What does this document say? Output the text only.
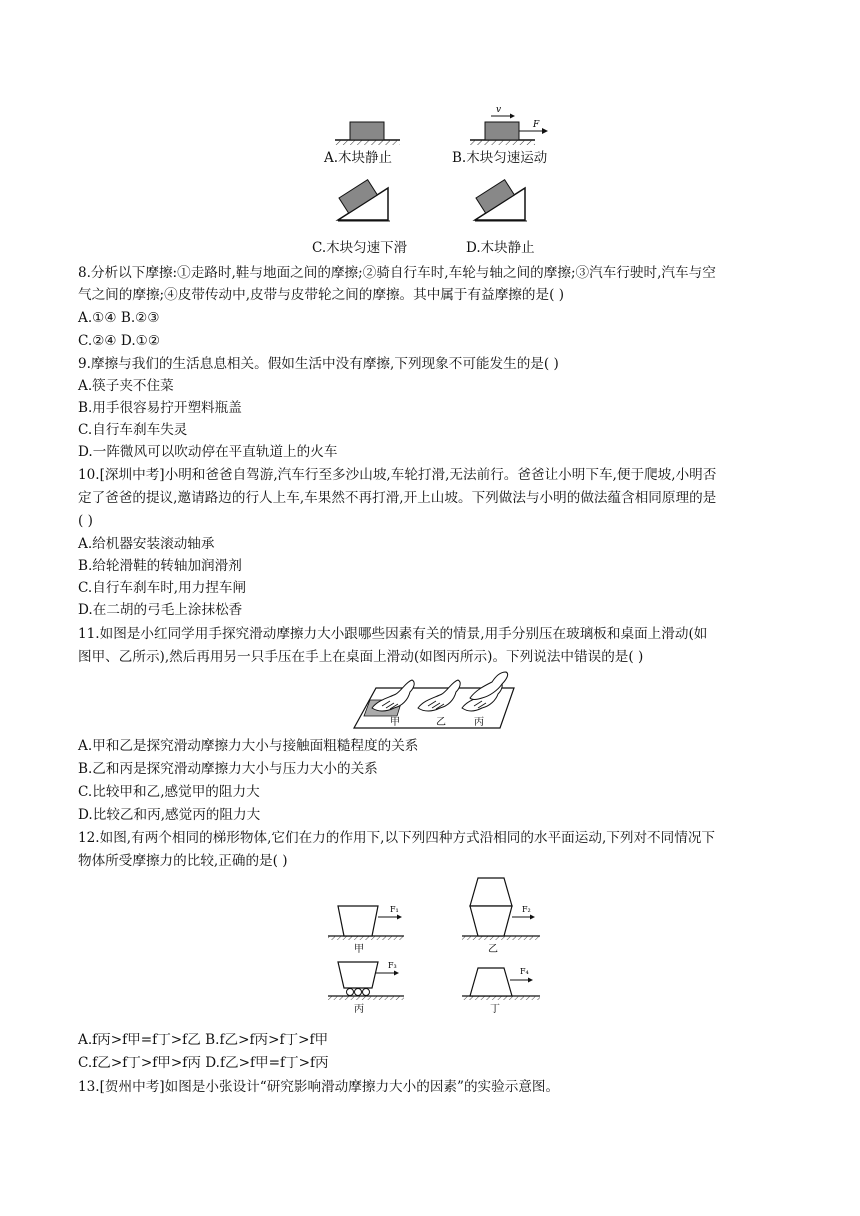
v
F
A.木块静止	B.木块匀速运动
C.木块匀速下滑	D.木块静止
8.分析以下摩擦:①走路时,鞋与地面之间的摩擦;②骑自行车时,车轮与轴之间的摩擦;③汽车行驶时,汽车与空
气之间的摩擦;④皮带传动中,皮带与皮带轮之间的摩擦。其中属于有益摩擦的是( )
A.①④ B.②③
C.②④ D.①②
9.摩擦与我们的生活息息相关。假如生活中没有摩擦,下列现象不可能发生的是( )
A.筷子夹不住菜
B.用手很容易拧开塑料瓶盖
C.自行车刹车失灵
D.一阵微风可以吹动停在平直轨道上的火车
10.[深圳中考]小明和爸爸自驾游,汽车行至多沙山坡,车轮打滑,无法前行。爸爸让小明下车,便于爬坡,小明否
定了爸爸的提议,邀请路边的行人上车,车果然不再打滑,开上山坡。下列做法与小明的做法蕴含相同原理的是
( )
A.给机器安装滚动轴承
B.给轮滑鞋的转轴加润滑剂
C.自行车刹车时,用力捏车闸
D.在二胡的弓毛上涂抹松香
11.如图是小红同学用手探究滑动摩擦力大小跟哪些因素有关的情景,用手分别压在玻璃板和桌面上滑动(如
图甲、乙所示),然后再用另一只手压在手上在桌面上滑动(如图丙所示)。下列说法中错误的是( )
甲	乙	丙
A.甲和乙是探究滑动摩擦力大小与接触面粗糙程度的关系
B.乙和丙是探究滑动摩擦力大小与压力大小的关系
C.比较甲和乙,感觉甲的阻力大
D.比较乙和丙,感觉丙的阻力大
12.如图,有两个相同的梯形物体,它们在力的作用下,以下列四种方式沿相同的水平面运动,下列对不同情况下
物体所受摩擦力的比较,正确的是( )
F₁
甲
F₂
乙
F₃
丙
F₄
丁
A.f丙>f甲=f丁>f乙 B.f乙>f丙>f丁>f甲
C.f乙>f丁>f甲>f丙 D.f乙>f甲=f丁>f丙
13.[贺州中考]如图是小张设计“研究影响滑动摩擦力大小的因素”的实验示意图。
